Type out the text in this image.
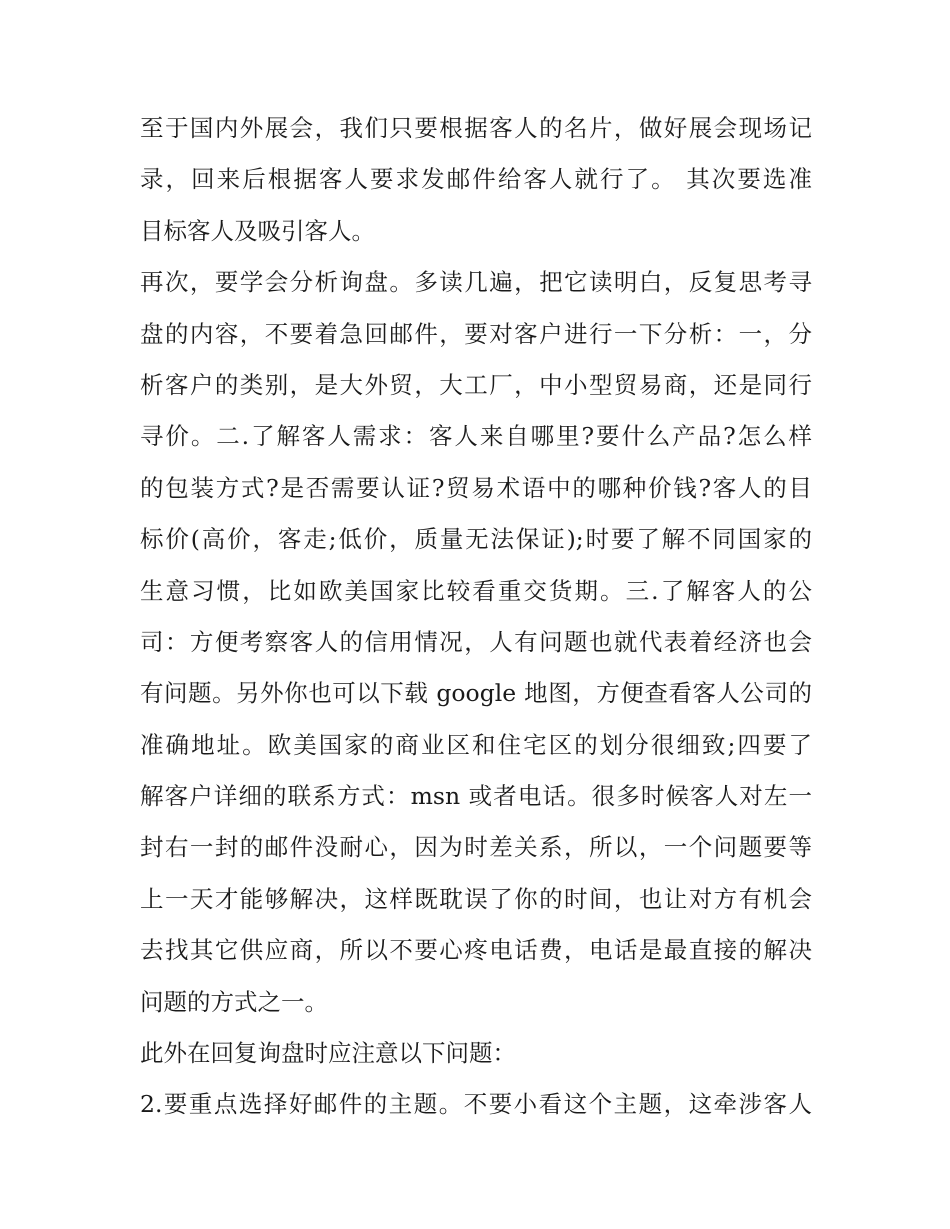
至于国内外展会，我们只要根据客人的名片，做好展会现场记
录，回来后根据客人要求发邮件给客人就行了。 其次要选准
目标客人及吸引客人。
再次，要学会分析询盘。多读几遍，把它读明白，反复思考寻
盘的内容，不要着急回邮件，要对客户进行一下分析：一，分
析客户的类别，是大外贸，大工厂，中小型贸易商，还是同行
寻价。二.了解客人需求：客人来自哪里?要什么产品?怎么样
的包装方式?是否需要认证?贸易术语中的哪种价钱?客人的目
标价(高价，客走;低价，质量无法保证);时要了解不同国家的
生意习惯，比如欧美国家比较看重交货期。三.了解客人的公
司：方便考察客人的信用情况，人有问题也就代表着经济也会
有问题。另外你也可以下载 google 地图，方便查看客人公司的
准确地址。欧美国家的商业区和住宅区的划分很细致;四要了
解客户详细的联系方式：msn 或者电话。很多时候客人对左一
封右一封的邮件没耐心，因为时差关系，所以，一个问题要等
上一天才能够解决，这样既耽误了你的时间，也让对方有机会
去找其它供应商，所以不要心疼电话费，电话是最直接的解决
问题的方式之一。
此外在回复询盘时应注意以下问题：
2.要重点选择好邮件的主题。不要小看这个主题，这牵涉客人
